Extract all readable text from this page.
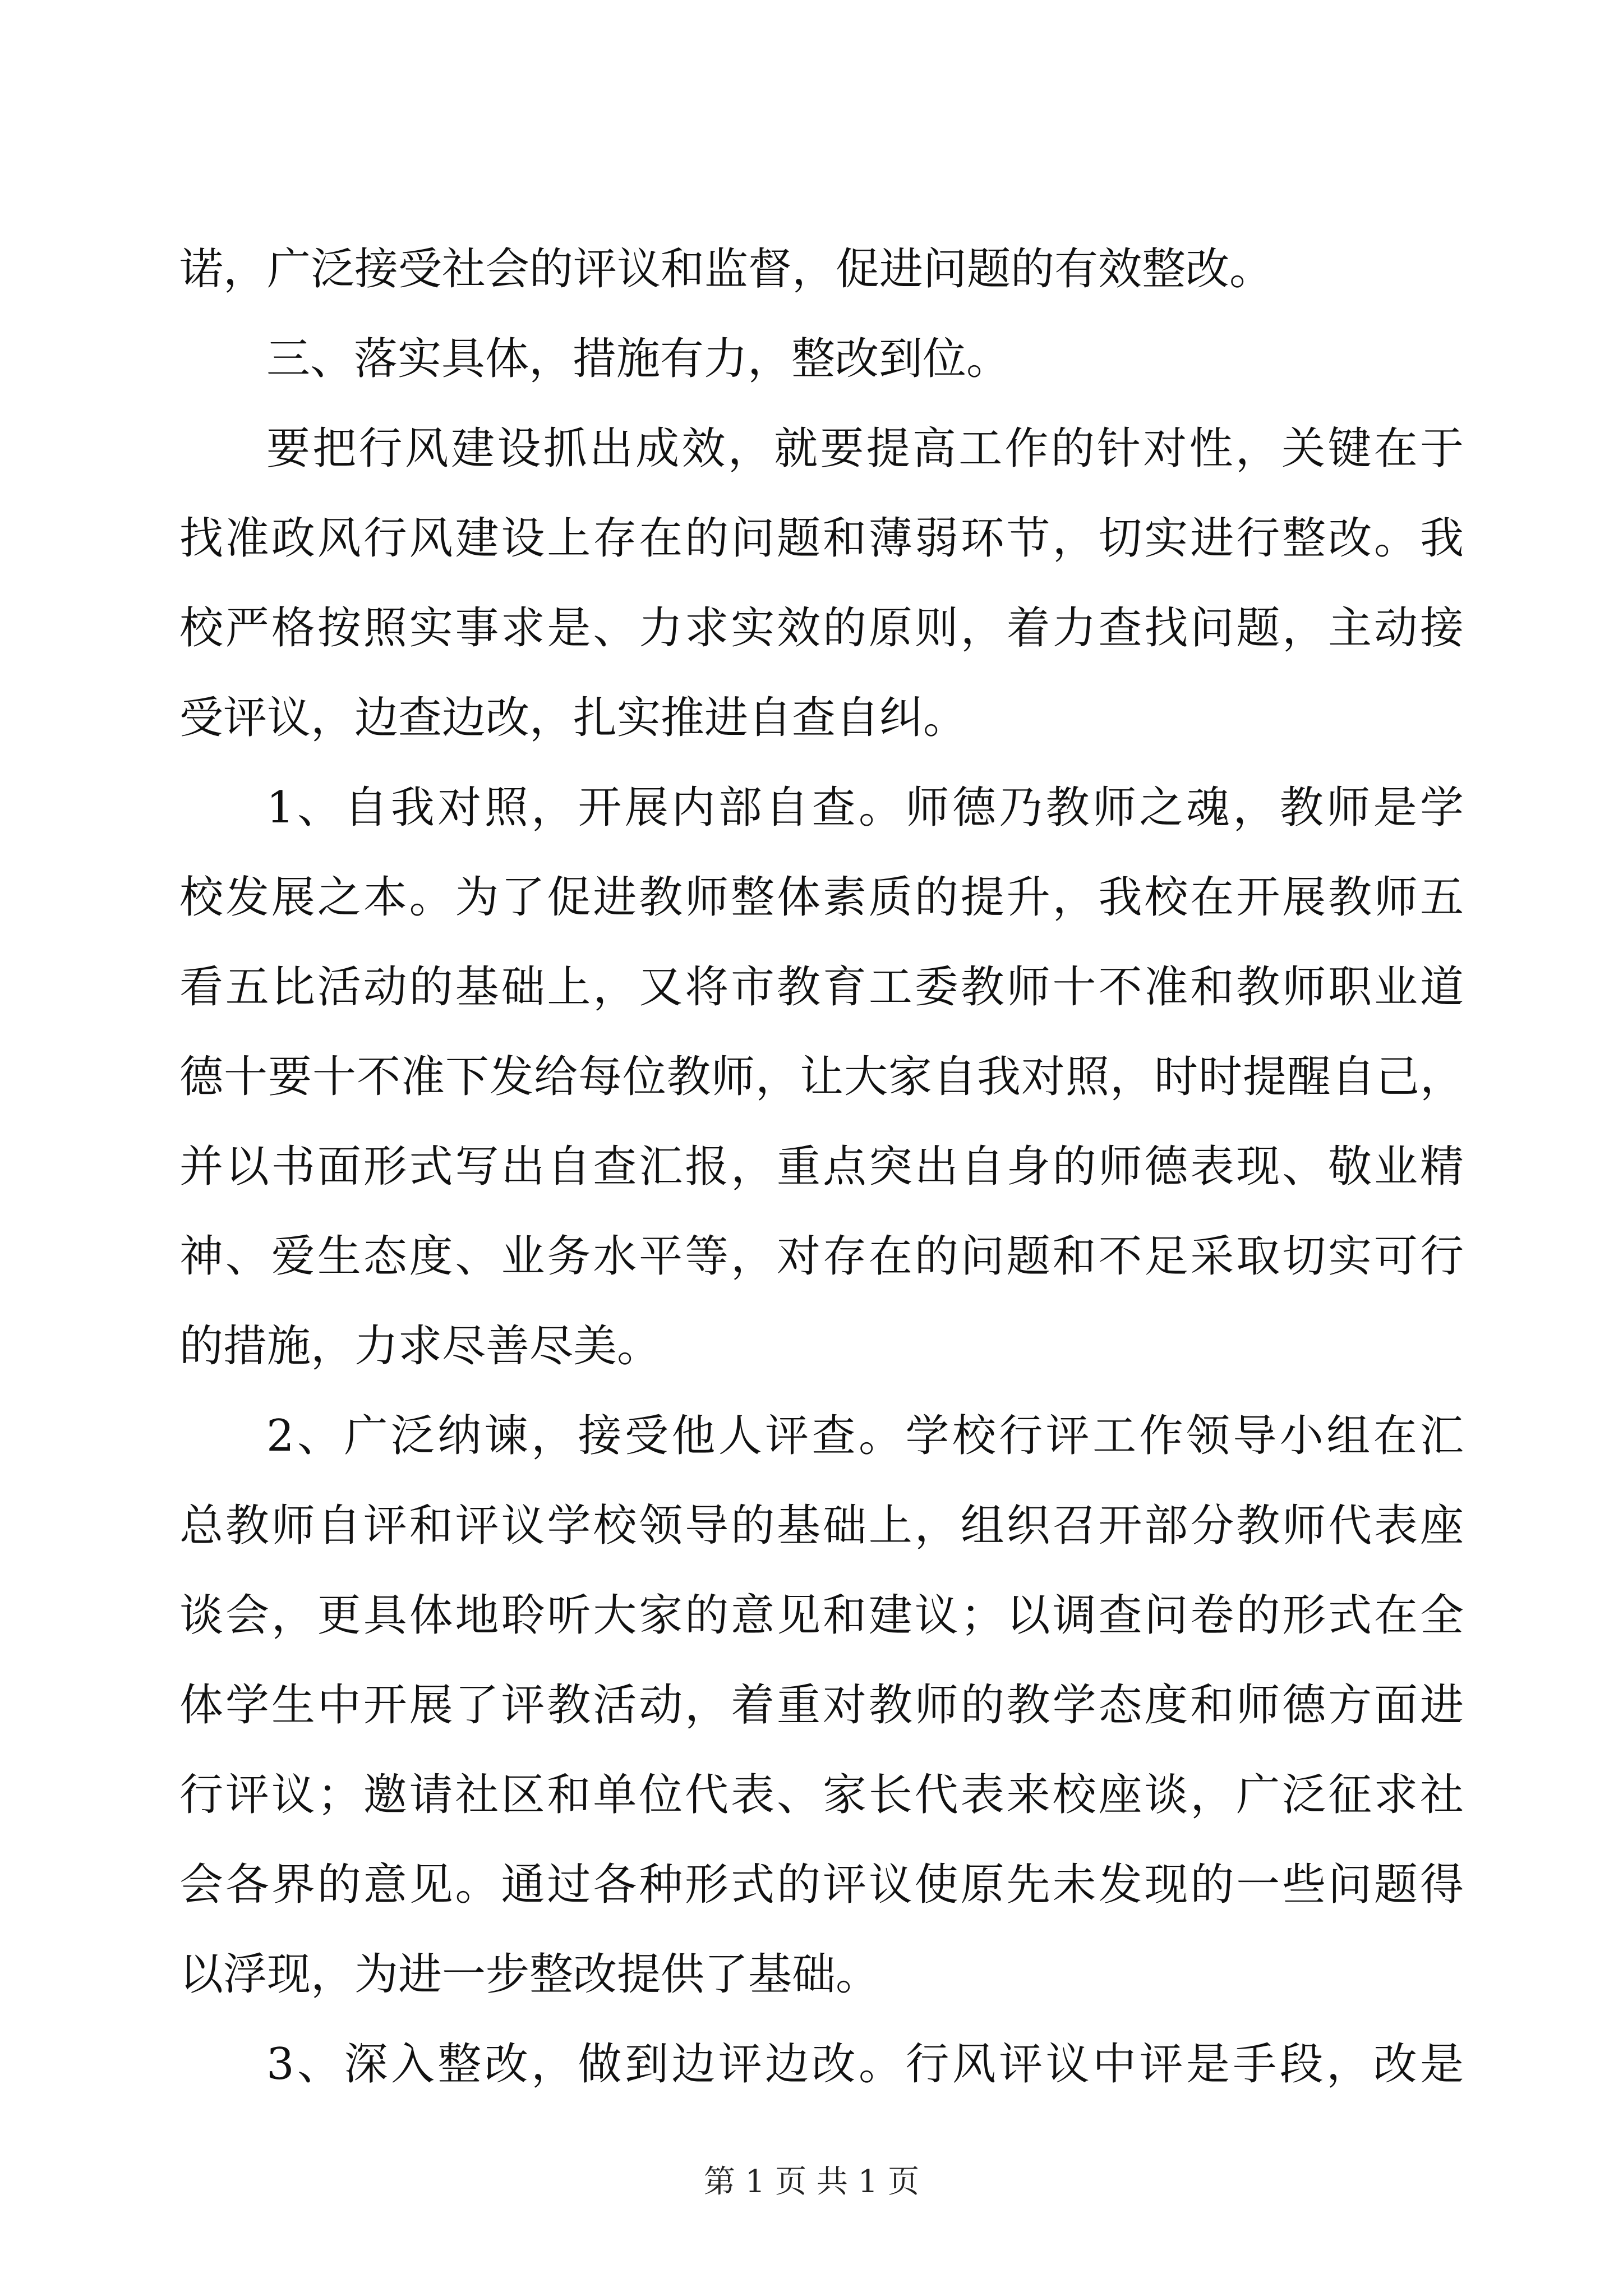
诺，广泛接受社会的评议和监督，促进问题的有效整改。
三、落实具体，措施有力，整改到位。
要把行风建设抓出成效，就要提高工作的针对性，关键在于
找准政风行风建设上存在的问题和薄弱环节，切实进行整改。我
校严格按照实事求是、力求实效的原则，着力查找问题，主动接
受评议，边查边改，扎实推进自查自纠。
1、自我对照，开展内部自查。师德乃教师之魂，教师是学
校发展之本。为了促进教师整体素质的提升，我校在开展教师五
看五比活动的基础上，又将市教育工委教师十不准和教师职业道
德十要十不准下发给每位教师，让大家自我对照，时时提醒自己，
并以书面形式写出自查汇报，重点突出自身的师德表现、敬业精
神、爱生态度、业务水平等，对存在的问题和不足采取切实可行
的措施，力求尽善尽美。
2、广泛纳谏，接受他人评查。学校行评工作领导小组在汇
总教师自评和评议学校领导的基础上，组织召开部分教师代表座
谈会，更具体地聆听大家的意见和建议；以调查问卷的形式在全
体学生中开展了评教活动，着重对教师的教学态度和师德方面进
行评议；邀请社区和单位代表、家长代表来校座谈，广泛征求社
会各界的意见。通过各种形式的评议使原先未发现的一些问题得
以浮现，为进一步整改提供了基础。
3、深入整改，做到边评边改。行风评议中评是手段，改是
第 1 页 共 1 页
